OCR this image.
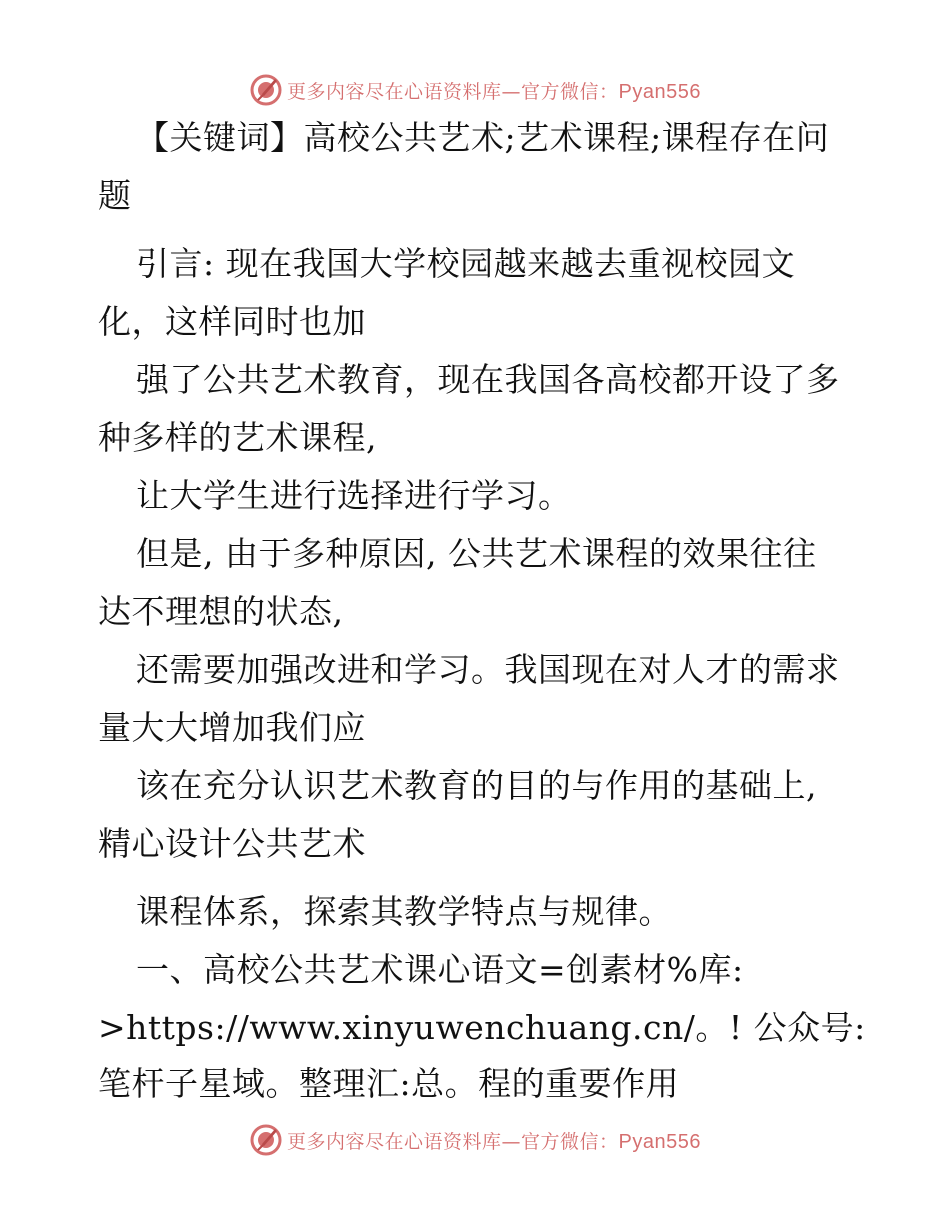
更多内容尽在心语资料库—官方微信：Pyan556
【关键词】高校公共艺术;艺术课程;课程存在问
题
引言: 现在我国大学校园越来越去重视校园文
化，这样同时也加
强了公共艺术教育，现在我国各高校都开设了多
种多样的艺术课程,
让大学生进行选择进行学习。
但是, 由于多种原因, 公共艺术课程的效果往往
达不理想的状态,
还需要加强改进和学习。我国现在对人才的需求
量大大增加我们应
该在充分认识艺术教育的目的与作用的基础上,
精心设计公共艺术
课程体系，探索其教学特点与规律。
一、高校公共艺术课心语文=创素材%库:
>https://www.xinyuwenchuang.cn/。! 公众号:
笔杆子星域。整理汇:总。程的重要作用
更多内容尽在心语资料库—官方微信：Pyan556
